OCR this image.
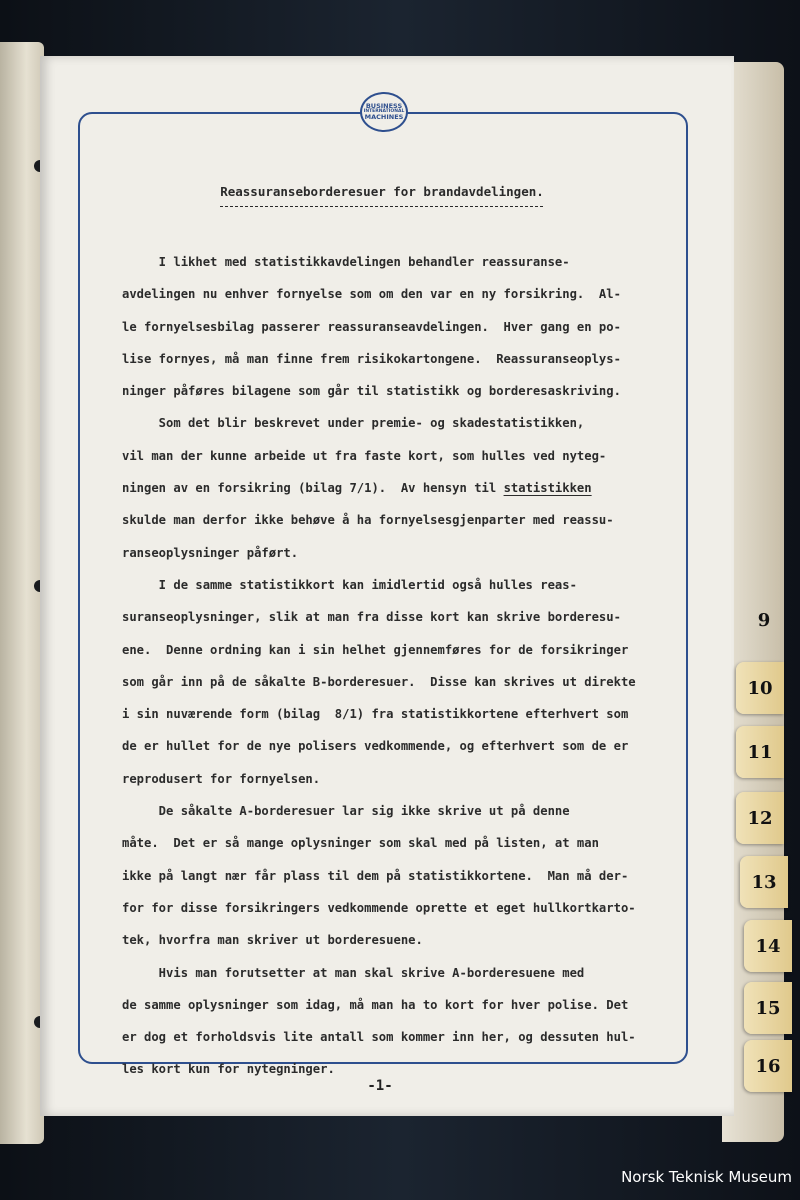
BUSINESS
INTERNATIONAL
MACHINES
Reassuranseborderesuer for brandavdelingen.
I likhet med statistikkavdelingen behandler reassuranse-
avdelingen nu enhver fornyelse som om den var en ny forsikring.  Al-
le fornyelsesbilag passerer reassuranseavdelingen.  Hver gang en po-
lise fornyes, må man finne frem risikokartongene.  Reassuranseoplys-
ninger påføres bilagene som går til statistikk og borderesaskriving.
Som det blir beskrevet under premie- og skadestatistikken,
vil man der kunne arbeide ut fra faste kort, som hulles ved nyteg-
ningen av en forsikring (bilag 7/1).  Av hensyn til statistikken
skulde man derfor ikke behøve å ha fornyelsesgjenparter med reassu-
ranseoplysninger påført.
I de samme statistikkort kan imidlertid også hulles reas-
suranseoplysninger, slik at man fra disse kort kan skrive borderesu-
ene.  Denne ordning kan i sin helhet gjennemføres for de forsikringer
som går inn på de såkalte B-borderesuer.  Disse kan skrives ut direkte
i sin nuværende form (bilag  8/1) fra statistikkortene efterhvert som
de er hullet for de nye polisers vedkommende, og efterhvert som de er
reprodusert for fornyelsen.
De såkalte A-borderesuer lar sig ikke skrive ut på denne
måte.  Det er så mange oplysninger som skal med på listen, at man
ikke på langt nær får plass til dem på statistikkortene.  Man må der-
for for disse forsikringers vedkommende oprette et eget hullkortkarto-
tek, hvorfra man skriver ut borderesuene.
Hvis man forutsetter at man skal skrive A-borderesuene med
de samme oplysninger som idag, må man ha to kort for hver polise. Det
er dog et forholdsvis lite antall som kommer inn her, og dessuten hul-
les kort kun for nytegninger.
-1-
9
10
11
12
13
14
15
16
Norsk Teknisk Museum
